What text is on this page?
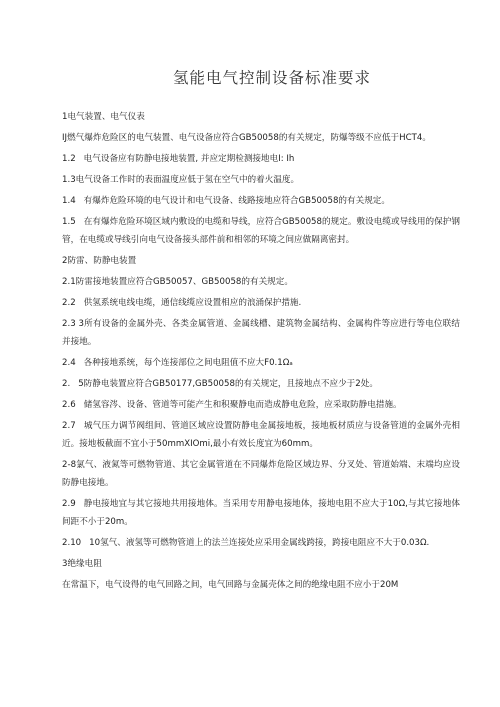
氢能电气控制设备标准要求
1电气装置、电气仪表
IJ燃气爆炸危险区的电气装置、电气设备应符合GB50058的有关规定，防爆等级不应低于HCT4。
1.2 电气设备应有防静电接地装置, 并应定期检测接地电I: Ih
1.3电气设备工作时的表面温度应低于氢在空气中的着火温度。
1.4 有爆炸危险环境的电气设计和电气设备、线路接地应符合GB50058的有关规定。
1.5 在有爆炸危险环境区域内敷设的电缆和导线，应符合GB50058的规定。敷设电缆或导线用的保护钢管，在电缆或导线引向电气设备接头部件前和相邻的环境之间应做隔离密封。
2防雷、防静电装置
2.1防雷接地装置应符合GB50057、GB50058的有关规定。
2.2 供氢系统电线电缆，通信线缆应设置相应的浪涌保护措施.
2.3 3所有设备的金属外壳、各类金属管道、金属线槽、建筑物金属结构、金属构件等应进行等电位联结并接地。
2.4 各种接地系统，每个连接部位之间电阻值不应大F0.1Ωₐ
2. 5防静电装置应符合GB50177,GB50058的有关规定，且接地点不应少于2处。
2.6 储氢容涔、设备、管道等可能产生和积聚静电而造成静电危险，应采取防静电措施。
2.7 城气压力调节阀组间、管道区域应设置防静电金属接地板，接地板材质应与设备管道的金属外壳相近。接地板截面不宜小于50mmXIOmi,最小有效长度宜为60mm。
2-8氯气、液氮等可燃物管道、其它金属管道在不同爆炸危险区域边界、分叉处、管道始端、末端均应设防静电接地。
2.9 静电接地宜与其它接地共用接地体。当采用专用静电接地体，接地电阻不应大于10Ω,与其它接地体间距不小于20m。
2.10 10氢气、液氢等可燃物管道上的法兰连接处应采用金属线跨接，跨接电阻应不大于0.03Ω.
3绝缘电阻
在常温下，电气设得的电气回路之间，电气回路与金属壳体之间的绝缘电阻不应小于20M
